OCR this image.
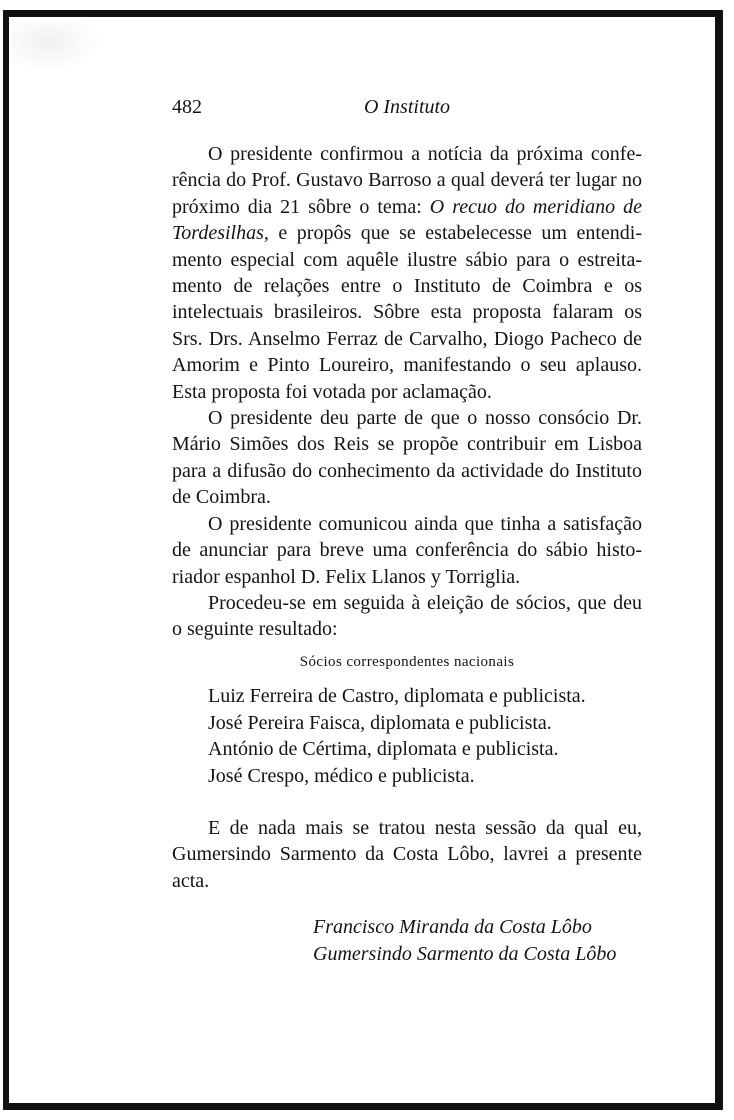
482	O Instituto

O presidente confirmou a notícia da próxima conferência do Prof. Gustavo Barroso a qual deverá ter lugar no próximo dia 21 sôbre o tema: O recuo do meridiano de Tordesilhas, e propôs que se estabelecesse um entendimento especial com aquêle ilustre sábio para o estreitamento de relações entre o Instituto de Coimbra e os intelectuais brasileiros. Sôbre esta proposta falaram os Srs. Drs. Anselmo Ferraz de Carvalho, Diogo Pacheco de Amorim e Pinto Loureiro, manifestando o seu aplauso. Esta proposta foi votada por aclamação.

O presidente deu parte de que o nosso consócio Dr. Mário Simões dos Reis se propõe contribuir em Lisboa para a difusão do conhecimento da actividade do Instituto de Coimbra.

O presidente comunicou ainda que tinha a satisfação de anunciar para breve uma conferência do sábio historiador espanhol D. Felix Llanos y Torriglia.

Procedeu-se em seguida à eleição de sócios, que deu o seguinte resultado:

Sócios correspondentes nacionais
Luiz Ferreira de Castro, diplomata e publicista.
José Pereira Faisca, diplomata e publicista.
António de Cértima, diplomata e publicista.
José Crespo, médico e publicista.

E de nada mais se tratou nesta sessão da qual eu, Gumersindo Sarmento da Costa Lôbo, lavrei a presente acta.

Francisco Miranda da Costa Lôbo
Gumersindo Sarmento da Costa Lôbo
